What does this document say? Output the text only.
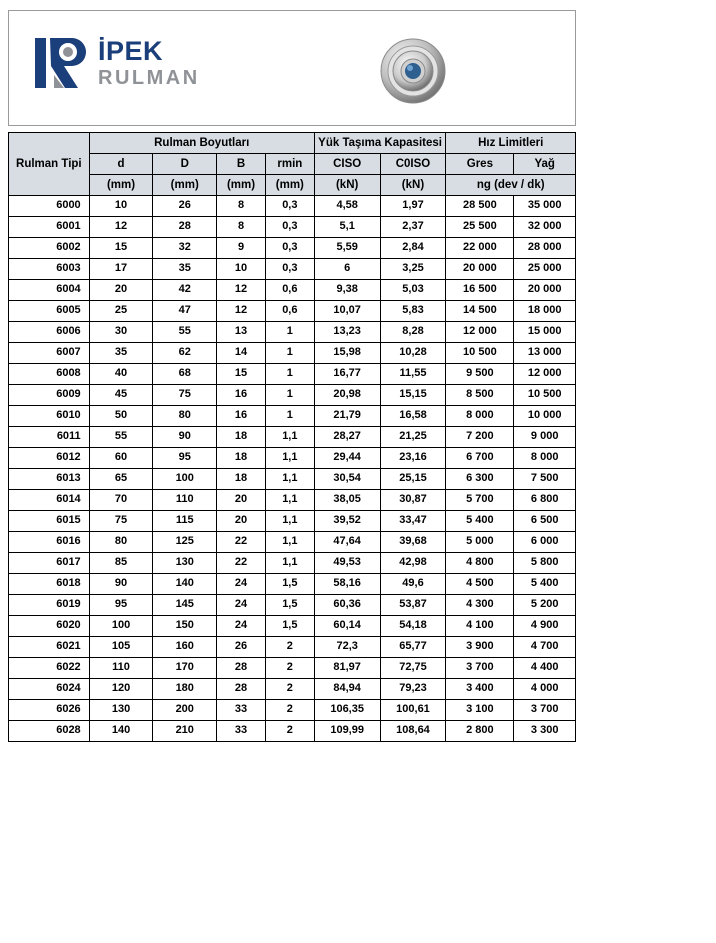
İPEK
RULMAN
Rulman Tipi	Rulman Boyutları				Yük Taşıma Kapasitesi		Hız Limitleri	
	d	D	B	rmin	CISO	C0ISO	Gres	Yağ
	(mm)	(mm)	(mm)	(mm)	(kN)	(kN)	ng (dev / dk)	
6000	10	26	8	0,3	4,58	1,97	28 500	35 000
6001	12	28	8	0,3	5,1	2,37	25 500	32 000
6002	15	32	9	0,3	5,59	2,84	22 000	28 000
6003	17	35	10	0,3	6	3,25	20 000	25 000
6004	20	42	12	0,6	9,38	5,03	16 500	20 000
6005	25	47	12	0,6	10,07	5,83	14 500	18 000
6006	30	55	13	1	13,23	8,28	12 000	15 000
6007	35	62	14	1	15,98	10,28	10 500	13 000
6008	40	68	15	1	16,77	11,55	9 500	12 000
6009	45	75	16	1	20,98	15,15	8 500	10 500
6010	50	80	16	1	21,79	16,58	8 000	10 000
6011	55	90	18	1,1	28,27	21,25	7 200	9 000
6012	60	95	18	1,1	29,44	23,16	6 700	8 000
6013	65	100	18	1,1	30,54	25,15	6 300	7 500
6014	70	110	20	1,1	38,05	30,87	5 700	6 800
6015	75	115	20	1,1	39,52	33,47	5 400	6 500
6016	80	125	22	1,1	47,64	39,68	5 000	6 000
6017	85	130	22	1,1	49,53	42,98	4 800	5 800
6018	90	140	24	1,5	58,16	49,6	4 500	5 400
6019	95	145	24	1,5	60,36	53,87	4 300	5 200
6020	100	150	24	1,5	60,14	54,18	4 100	4 900
6021	105	160	26	2	72,3	65,77	3 900	4 700
6022	110	170	28	2	81,97	72,75	3 700	4 400
6024	120	180	28	2	84,94	79,23	3 400	4 000
6026	130	200	33	2	106,35	100,61	3 100	3 700
6028	140	210	33	2	109,99	108,64	2 800	3 300
